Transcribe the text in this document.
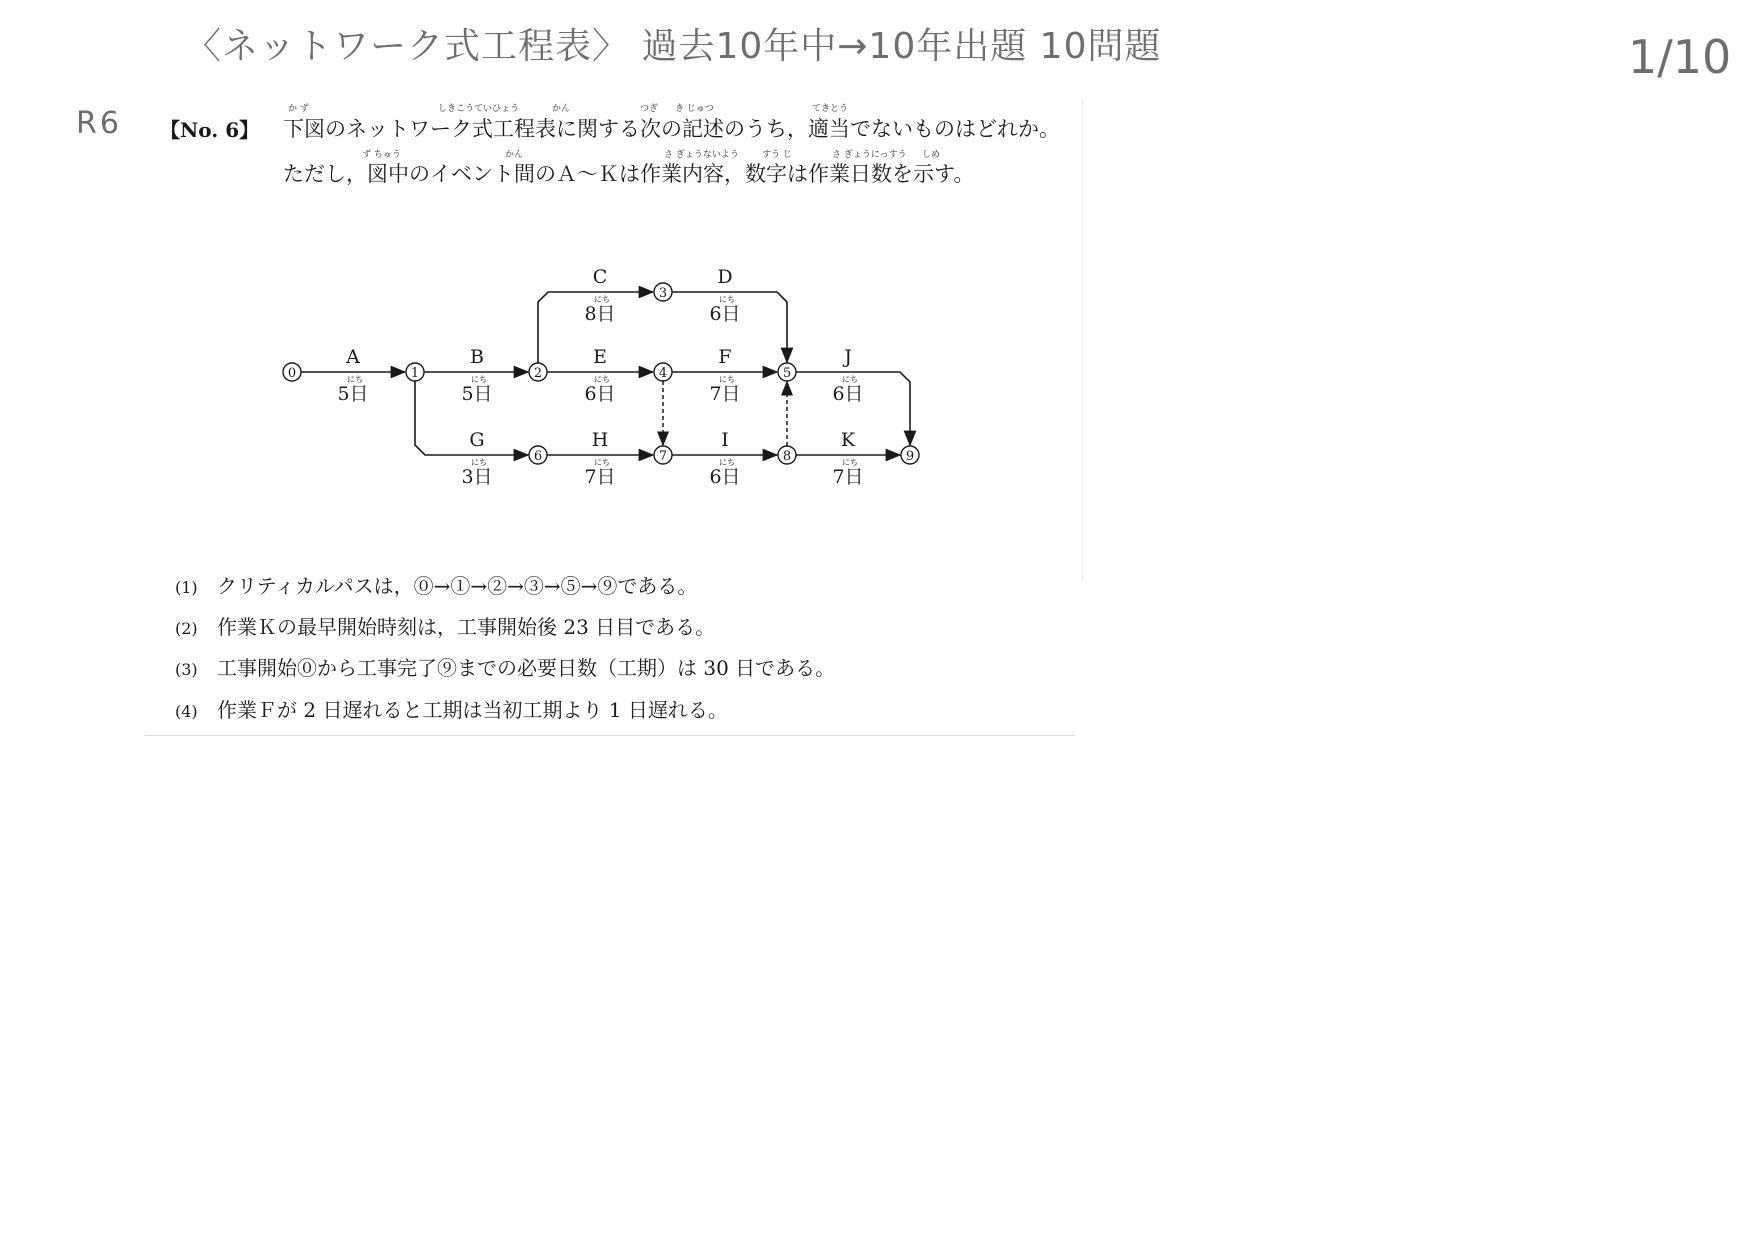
〈ネットワーク式工程表〉 過去10年中→10年出題 10問題	1/10
R6 【No. 6】 下図のネットワーク式工程表に関する次の記述のうち，適当でないものはどれか。
ただし，図中のイベント間のＡ～Ｋは作業内容，数字は作業日数を示す。
か ず	しきこうていひょう	かん	つぎ き じゅつ	てきとう
ず ちゅう	かん	さ ぎょうないよう	すう じ	さ ぎょうにっすう しめ
A
にち
5日
B
にち
5日
C
にち
8日
D
にち
6日
E
にち
6日
F
にち
7日
J
にち
6日
G
にち
3日
H
にち
7日
I
にち
6日
K
にち
7日
0	1	2
3
4	5
6	7	8	9
(1) クリティカルパスは，⓪→①→②→③→⑤→⑨である。
(2) 作業Ｋの最早開始時刻は，工事開始後 23 日目である。
(3) 工事開始⓪から工事完了⑨までの必要日数（工期）は 30 日である。
(4) 作業Ｆが 2 日遅れると工期は当初工期より 1 日遅れる。
